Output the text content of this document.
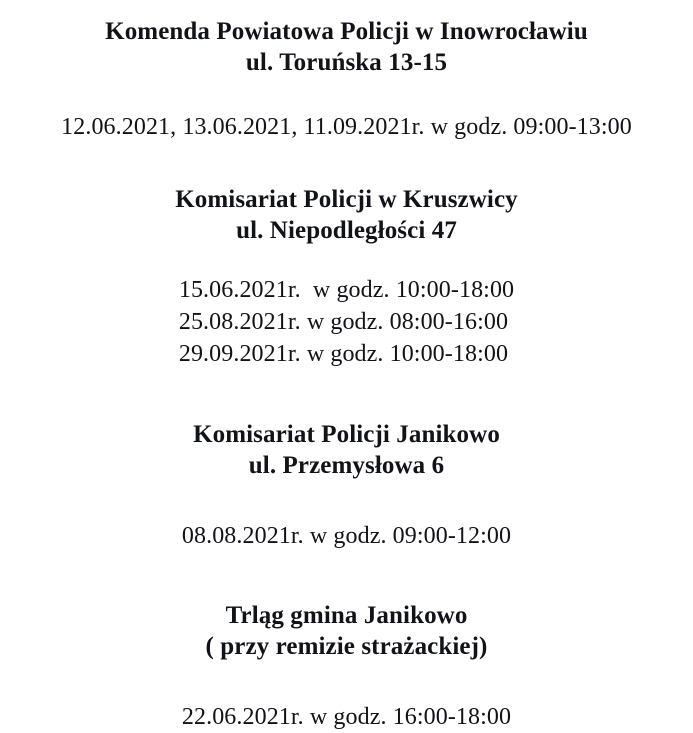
Komenda Powiatowa Policji w Inowrocławiu
ul. Toruńska 13-15
12.06.2021, 13.06.2021, 11.09.2021r. w godz. 09:00-13:00
Komisariat Policji w Kruszwicy
ul. Niepodległości 47
15.06.2021r.  w godz. 10:00-18:00
25.08.2021r. w godz. 08:00-16:00
29.09.2021r. w godz. 10:00-18:00
Komisariat Policji Janikowo
ul. Przemysłowa 6
08.08.2021r. w godz. 09:00-12:00
Trląg gmina Janikowo
( przy remizie strażackiej)
22.06.2021r. w godz. 16:00-18:00
